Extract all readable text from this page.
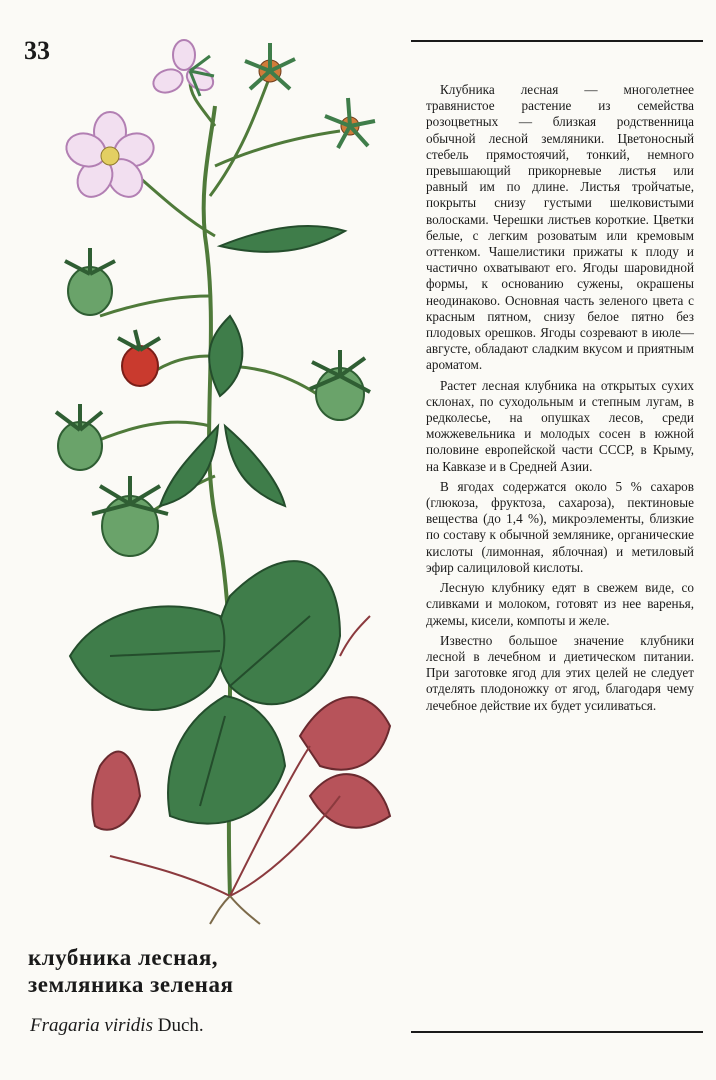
33

Клубника лесная — многолетнее травянистое растение из семейства розоцветных — близкая родственница обычной лесной земляники. Цветоносный стебель прямостоячий, тонкий, немного превышающий прикорневые листья или равный им по длине. Листья тройчатые, покрыты снизу густыми шелковистыми волосками. Черешки листьев короткие. Цветки белые, с легким розоватым или кремовым оттенком. Чашелистики прижаты к плоду и частично охватывают его. Ягоды шаровидной формы, к основанию сужены, окрашены неодинаково. Основная часть зеленого цвета с красным пятном, снизу белое пятно без плодовых орешков. Ягоды созревают в июле—августе, обладают сладким вкусом и приятным ароматом.

Растет лесная клубника на открытых сухих склонах, по суходольным и степным лугам, в редколесье, на опушках лесов, среди можжевельника и молодых сосен в южной половине европейской части СССР, в Крыму, на Кавказе и в Средней Азии.

В ягодах содержатся около 5 % сахаров (глюкоза, фруктоза, сахароза), пектиновые вещества (до 1,4 %), микроэлементы, близкие по составу к обычной землянике, органические кислоты (лимонная, яблочная) и метиловый эфир салициловой кислоты.

Лесную клубнику едят в свежем виде, со сливками и молоком, готовят из нее варенья, джемы, кисели, компоты и желе.

Известно большое значение клубники лесной в лечебном и диетическом питании. При заготовке ягод для этих целей не следует отделять плодоножку от ягод, благодаря чему лечебное действие их будет усиливаться.

клубника лесная,
земляника зеленая
Fragaria viridis Duch.
